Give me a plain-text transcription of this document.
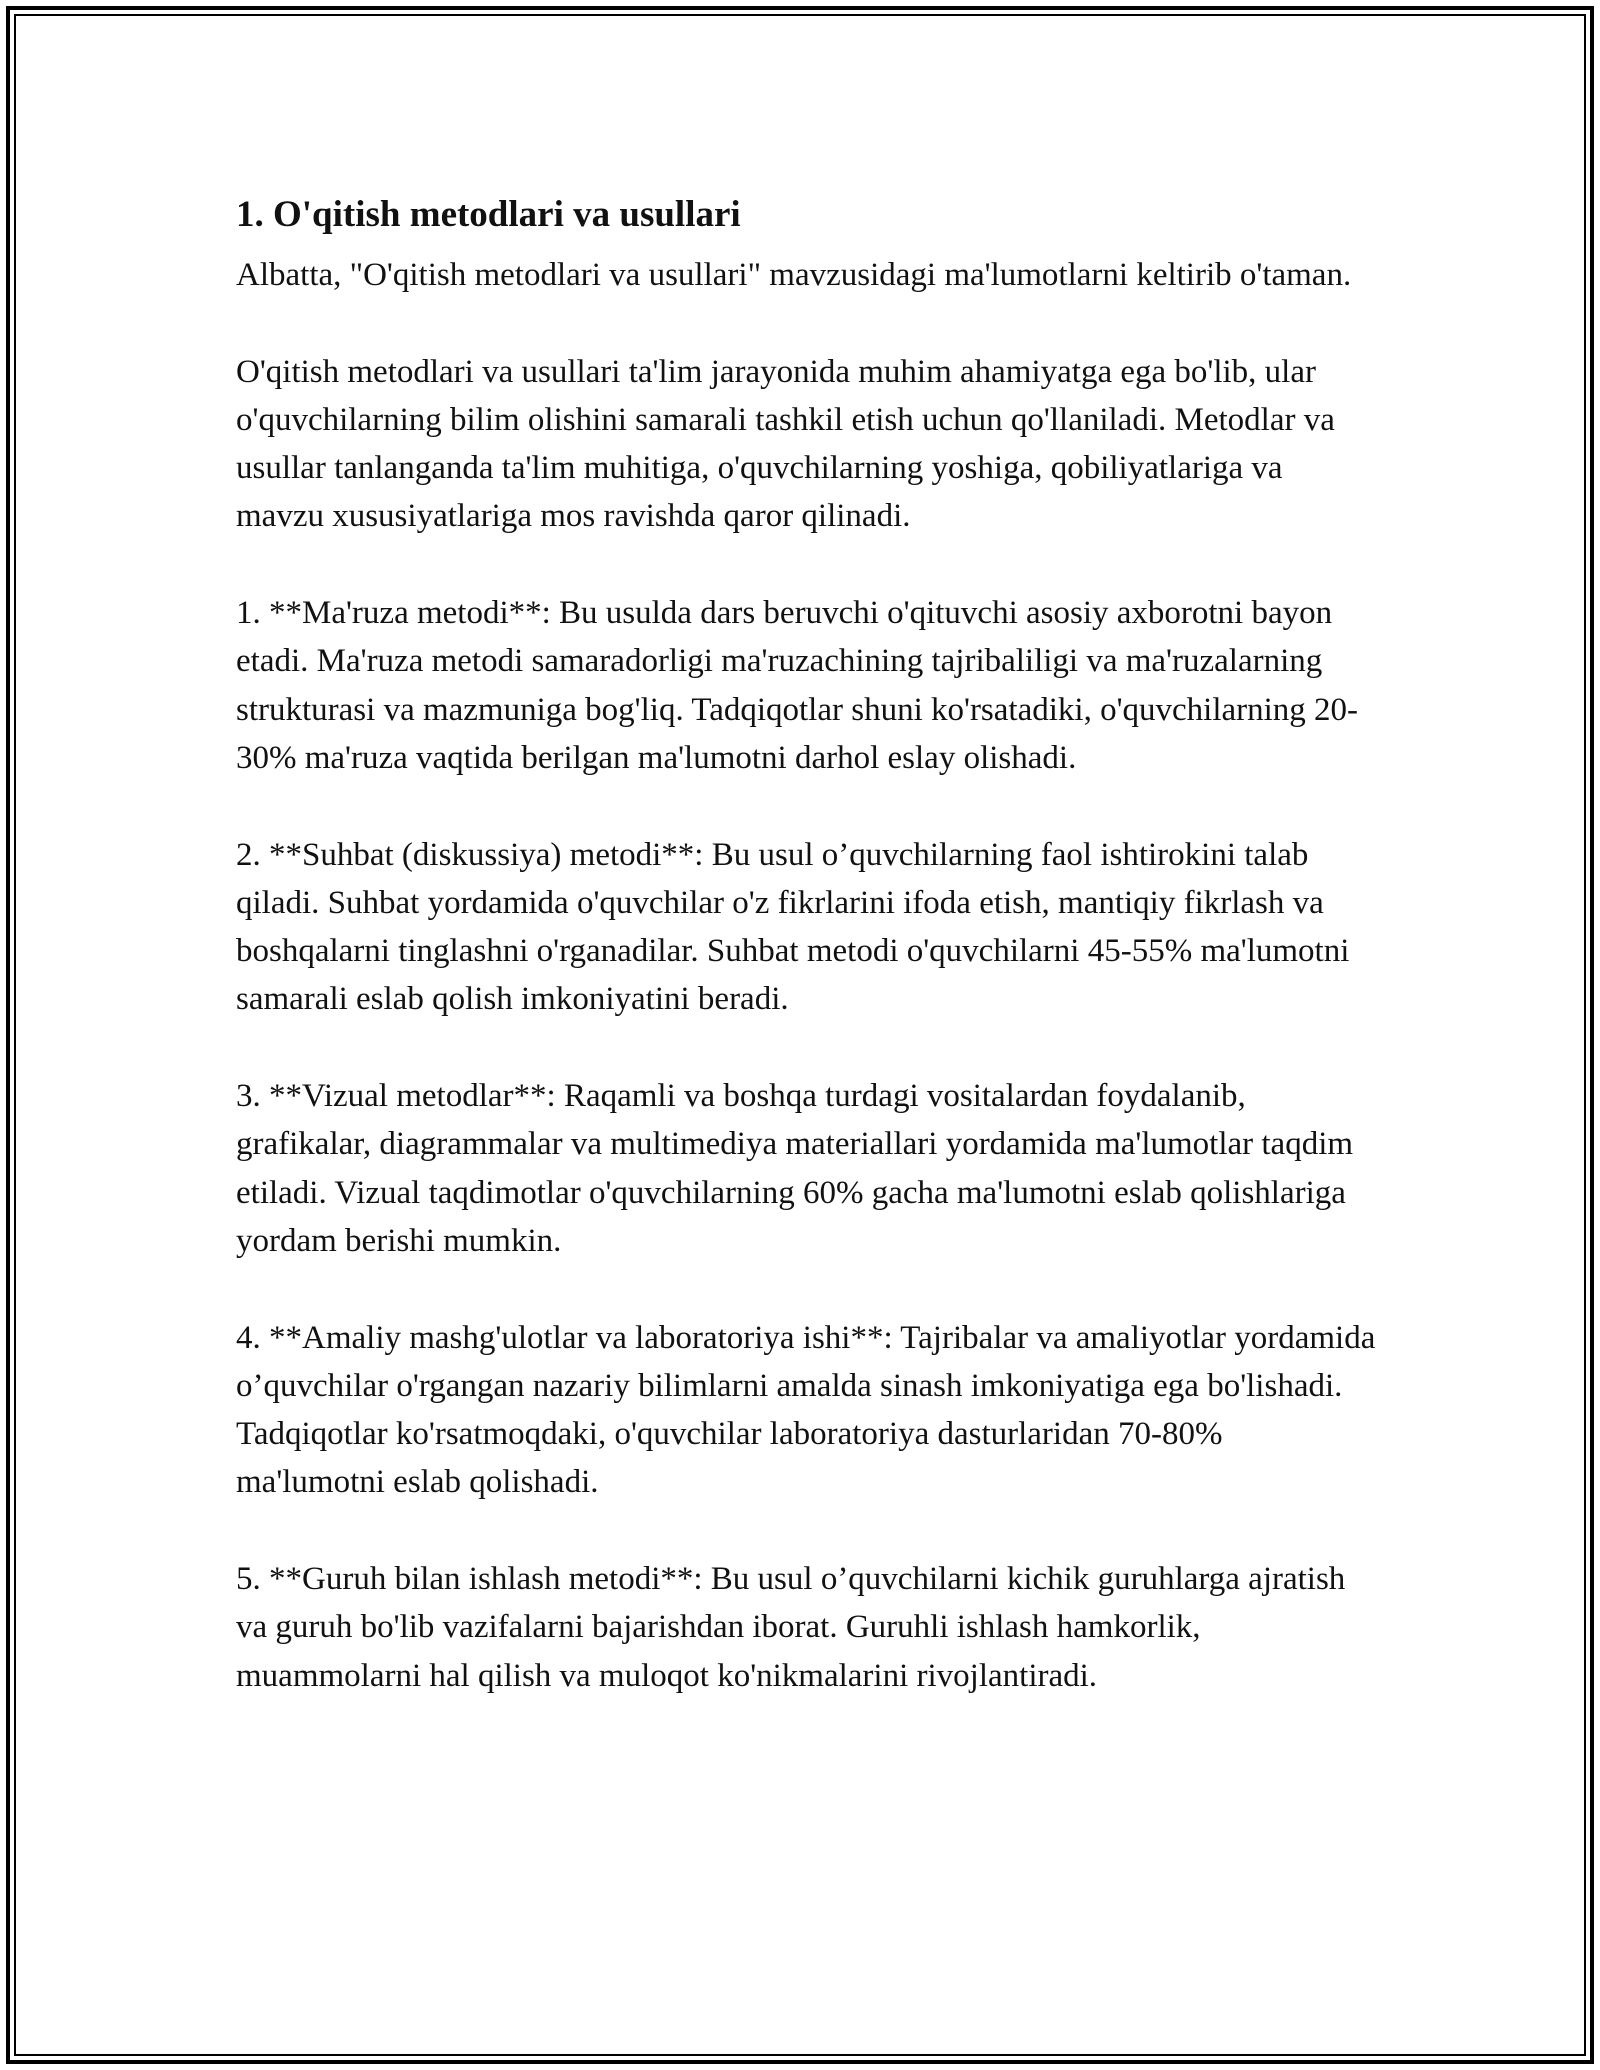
1. O'qitish metodlari va usullari

Albatta, "O'qitish metodlari va usullari" mavzusidagi ma'lumotlarni keltirib o'taman.

O'qitish metodlari va usullari ta'lim jarayonida muhim ahamiyatga ega bo'lib, ular o'quvchilarning bilim olishini samarali tashkil etish uchun qo'llaniladi. Metodlar va usullar tanlanganda ta'lim muhitiga, o'quvchilarning yoshiga, qobiliyatlariga va mavzu xususiyatlariga mos ravishda qaror qilinadi.

1. **Ma'ruza metodi**: Bu usulda dars beruvchi o'qituvchi asosiy axborotni bayon etadi. Ma'ruza metodi samaradorligi ma'ruzachining tajribaliligi va ma'ruzalarning strukturasi va mazmuniga bog'liq. Tadqiqotlar shuni ko'rsatadiki, o'quvchilarning 20-30% ma'ruza vaqtida berilgan ma'lumotni darhol eslay olishadi.

2. **Suhbat (diskussiya) metodi**: Bu usul o’quvchilarning faol ishtirokini talab qiladi. Suhbat yordamida o'quvchilar o'z fikrlarini ifoda etish, mantiqiy fikrlash va boshqalarni tinglashni o'rganadilar. Suhbat metodi o'quvchilarni 45-55% ma'lumotni samarali eslab qolish imkoniyatini beradi.

3. **Vizual metodlar**: Raqamli va boshqa turdagi vositalardan foydalanib, grafikalar, diagrammalar va multimediya materiallari yordamida ma'lumotlar taqdim etiladi. Vizual taqdimotlar o'quvchilarning 60% gacha ma'lumotni eslab qolishlariga yordam berishi mumkin.

4. **Amaliy mashg'ulotlar va laboratoriya ishi**: Tajribalar va amaliyotlar yordamida o’quvchilar o'rgangan nazariy bilimlarni amalda sinash imkoniyatiga ega bo'lishadi. Tadqiqotlar ko'rsatmoqdaki, o'quvchilar laboratoriya dasturlaridan 70-80% ma'lumotni eslab qolishadi.

5. **Guruh bilan ishlash metodi**: Bu usul o’quvchilarni kichik guruhlarga ajratish va guruh bo'lib vazifalarni bajarishdan iborat. Guruhli ishlash hamkorlik, muammolarni hal qilish va muloqot ko'nikmalarini rivojlantiradi.
